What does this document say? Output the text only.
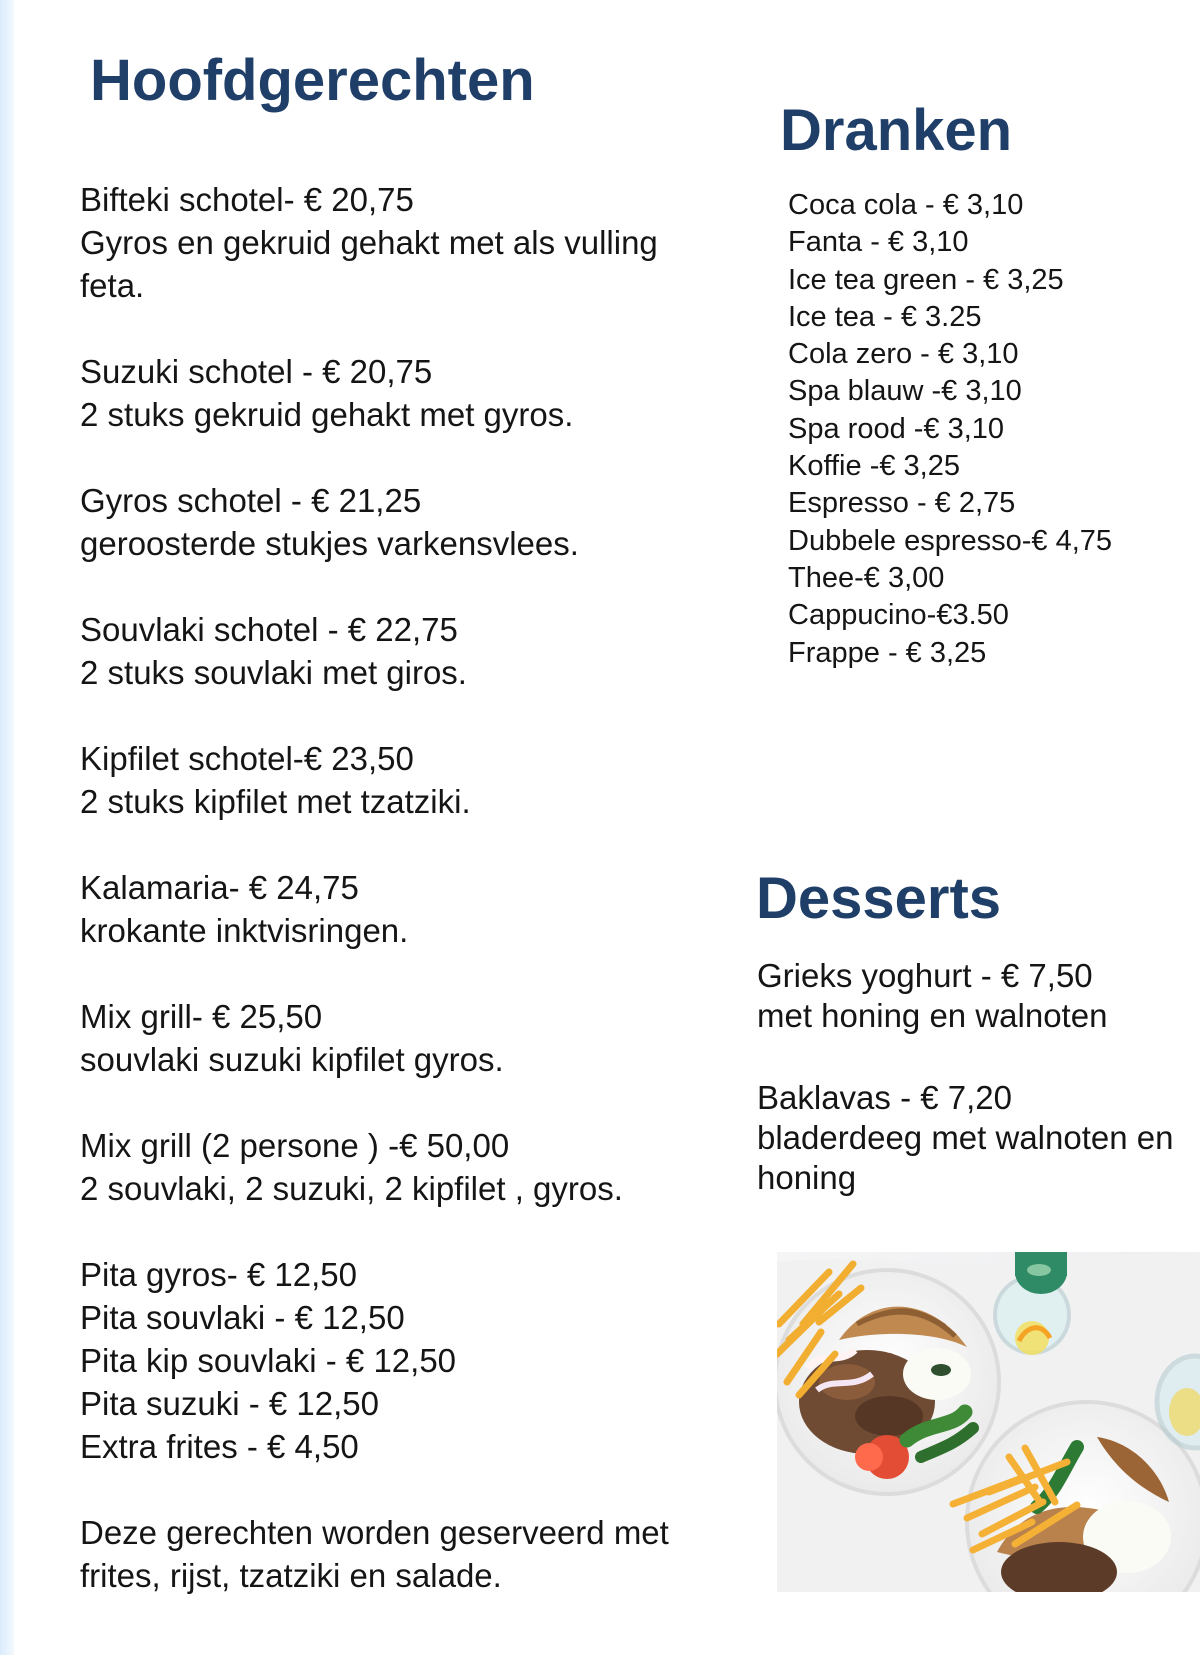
Hoofdgerechten
Bifteki schotel- € 20,75
Gyros en gekruid gehakt met als vulling feta.
Suzuki schotel - € 20,75
2 stuks gekruid gehakt met gyros.
Gyros schotel - € 21,25
geroosterde stukjes varkensvlees.
Souvlaki schotel - € 22,75
2 stuks souvlaki met giros.
Kipfilet schotel-€ 23,50
2 stuks kipfilet met tzatziki.
Kalamaria- € 24,75
krokante inktvisringen.
Mix grill- € 25,50
souvlaki suzuki kipfilet gyros.
Mix grill (2 persone ) -€ 50,00
2 souvlaki, 2 suzuki, 2 kipfilet , gyros.
Pita gyros- € 12,50
Pita souvlaki - € 12,50
Pita kip souvlaki - € 12,50
Pita suzuki - € 12,50
Extra frites - € 4,50
Deze gerechten worden geserveerd met frites, rijst, tzatziki en salade.
Dranken
Coca cola - € 3,10
Fanta - € 3,10
Ice tea green - € 3,25
Ice tea - € 3.25
Cola zero - € 3,10
Spa blauw -€ 3,10
Spa rood -€ 3,10
Koffie -€ 3,25
Espresso - € 2,75
Dubbele espresso-€ 4,75
Thee-€ 3,00
Cappucino-€3.50
Frappe - € 3,25
Desserts
Grieks yoghurt - € 7,50
met honing en walnoten
Baklavas - € 7,20
bladerdeeg met walnoten en
honing
